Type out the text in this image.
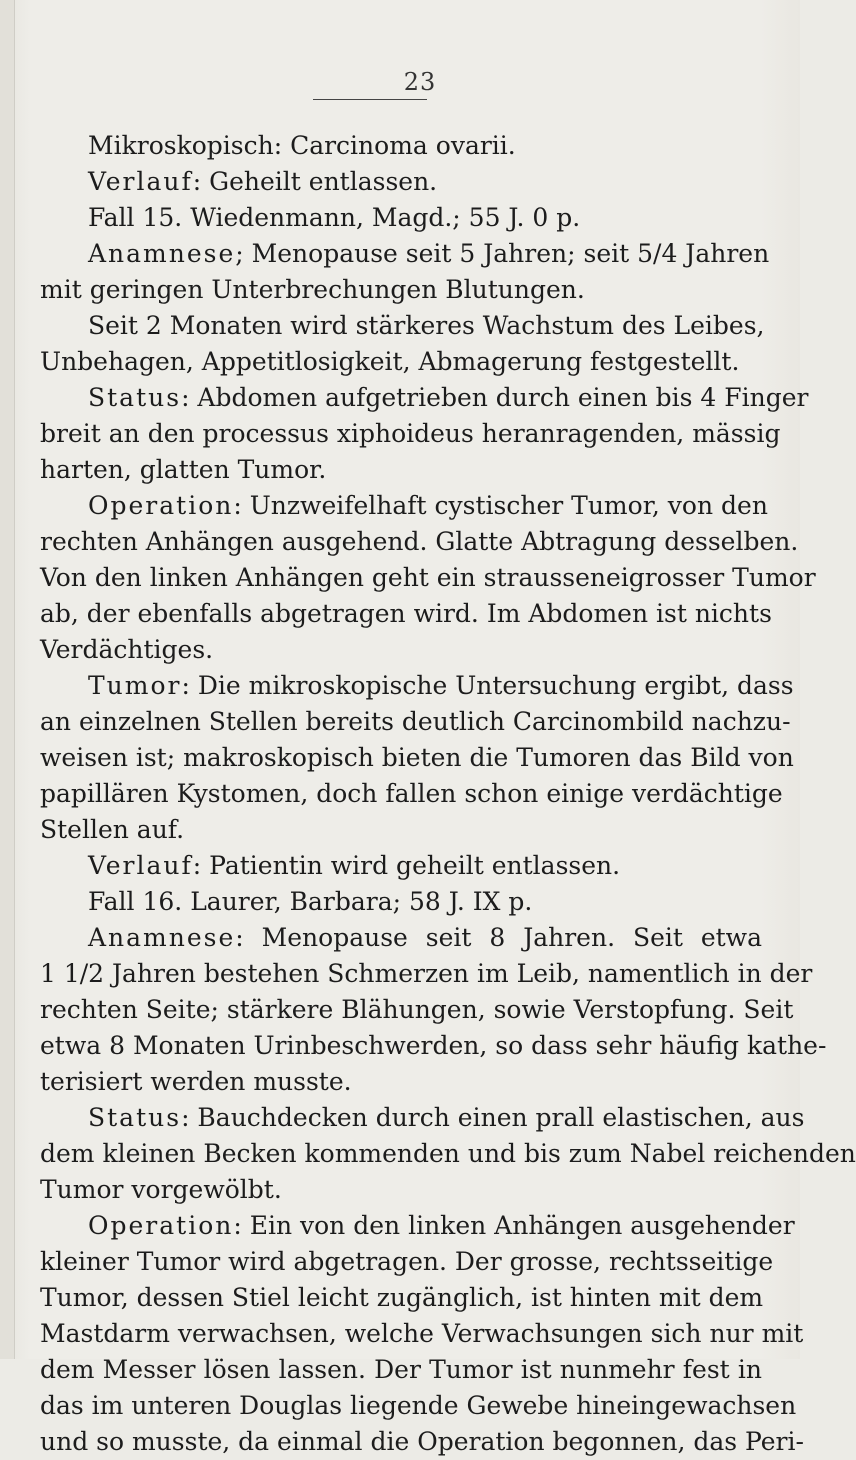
23
Mikroskopisch: Carcinoma ovarii.
Verlauf: Geheilt entlassen.
Fall 15. Wiedenmann, Magd.; 55 J. 0 p.
Anamnese; Menopause seit 5 Jahren; seit 5/4 Jahren
mit geringen Unterbrechungen Blutungen.
Seit 2 Monaten wird stärkeres Wachstum des Leibes,
Unbehagen, Appetitlosigkeit, Abmagerung festgestellt.
Status: Abdomen aufgetrieben durch einen bis 4 Finger
breit an den processus xiphoideus heranragenden, mässig
harten, glatten Tumor.
Operation: Unzweifelhaft cystischer Tumor, von den
rechten Anhängen ausgehend. Glatte Abtragung desselben.
Von den linken Anhängen geht ein strausseneigrosser Tumor
ab, der ebenfalls abgetragen wird. Im Abdomen ist nichts
Verdächtiges.
Tumor: Die mikroskopische Untersuchung ergibt, dass
an einzelnen Stellen bereits deutlich Carcinombild nachzu-
weisen ist; makroskopisch bieten die Tumoren das Bild von
papillären Kystomen, doch fallen schon einige verdächtige
Stellen auf.
Verlauf: Patientin wird geheilt entlassen.
Fall 16. Laurer, Barbara; 58 J. IX p.
Anamnese: Menopause seit 8 Jahren. Seit etwa
1 1/2 Jahren bestehen Schmerzen im Leib, namentlich in der
rechten Seite; stärkere Blähungen, sowie Verstopfung. Seit
etwa 8 Monaten Urinbeschwerden, so dass sehr häufig kathe-
terisiert werden musste.
Status: Bauchdecken durch einen prall elastischen, aus
dem kleinen Becken kommenden und bis zum Nabel reichenden
Tumor vorgewölbt.
Operation: Ein von den linken Anhängen ausgehender
kleiner Tumor wird abgetragen. Der grosse, rechtsseitige
Tumor, dessen Stiel leicht zugänglich, ist hinten mit dem
Mastdarm verwachsen, welche Verwachsungen sich nur mit
dem Messer lösen lassen. Der Tumor ist nunmehr fest in
das im unteren Douglas liegende Gewebe hineingewachsen
und so musste, da einmal die Operation begonnen, das Peri-
